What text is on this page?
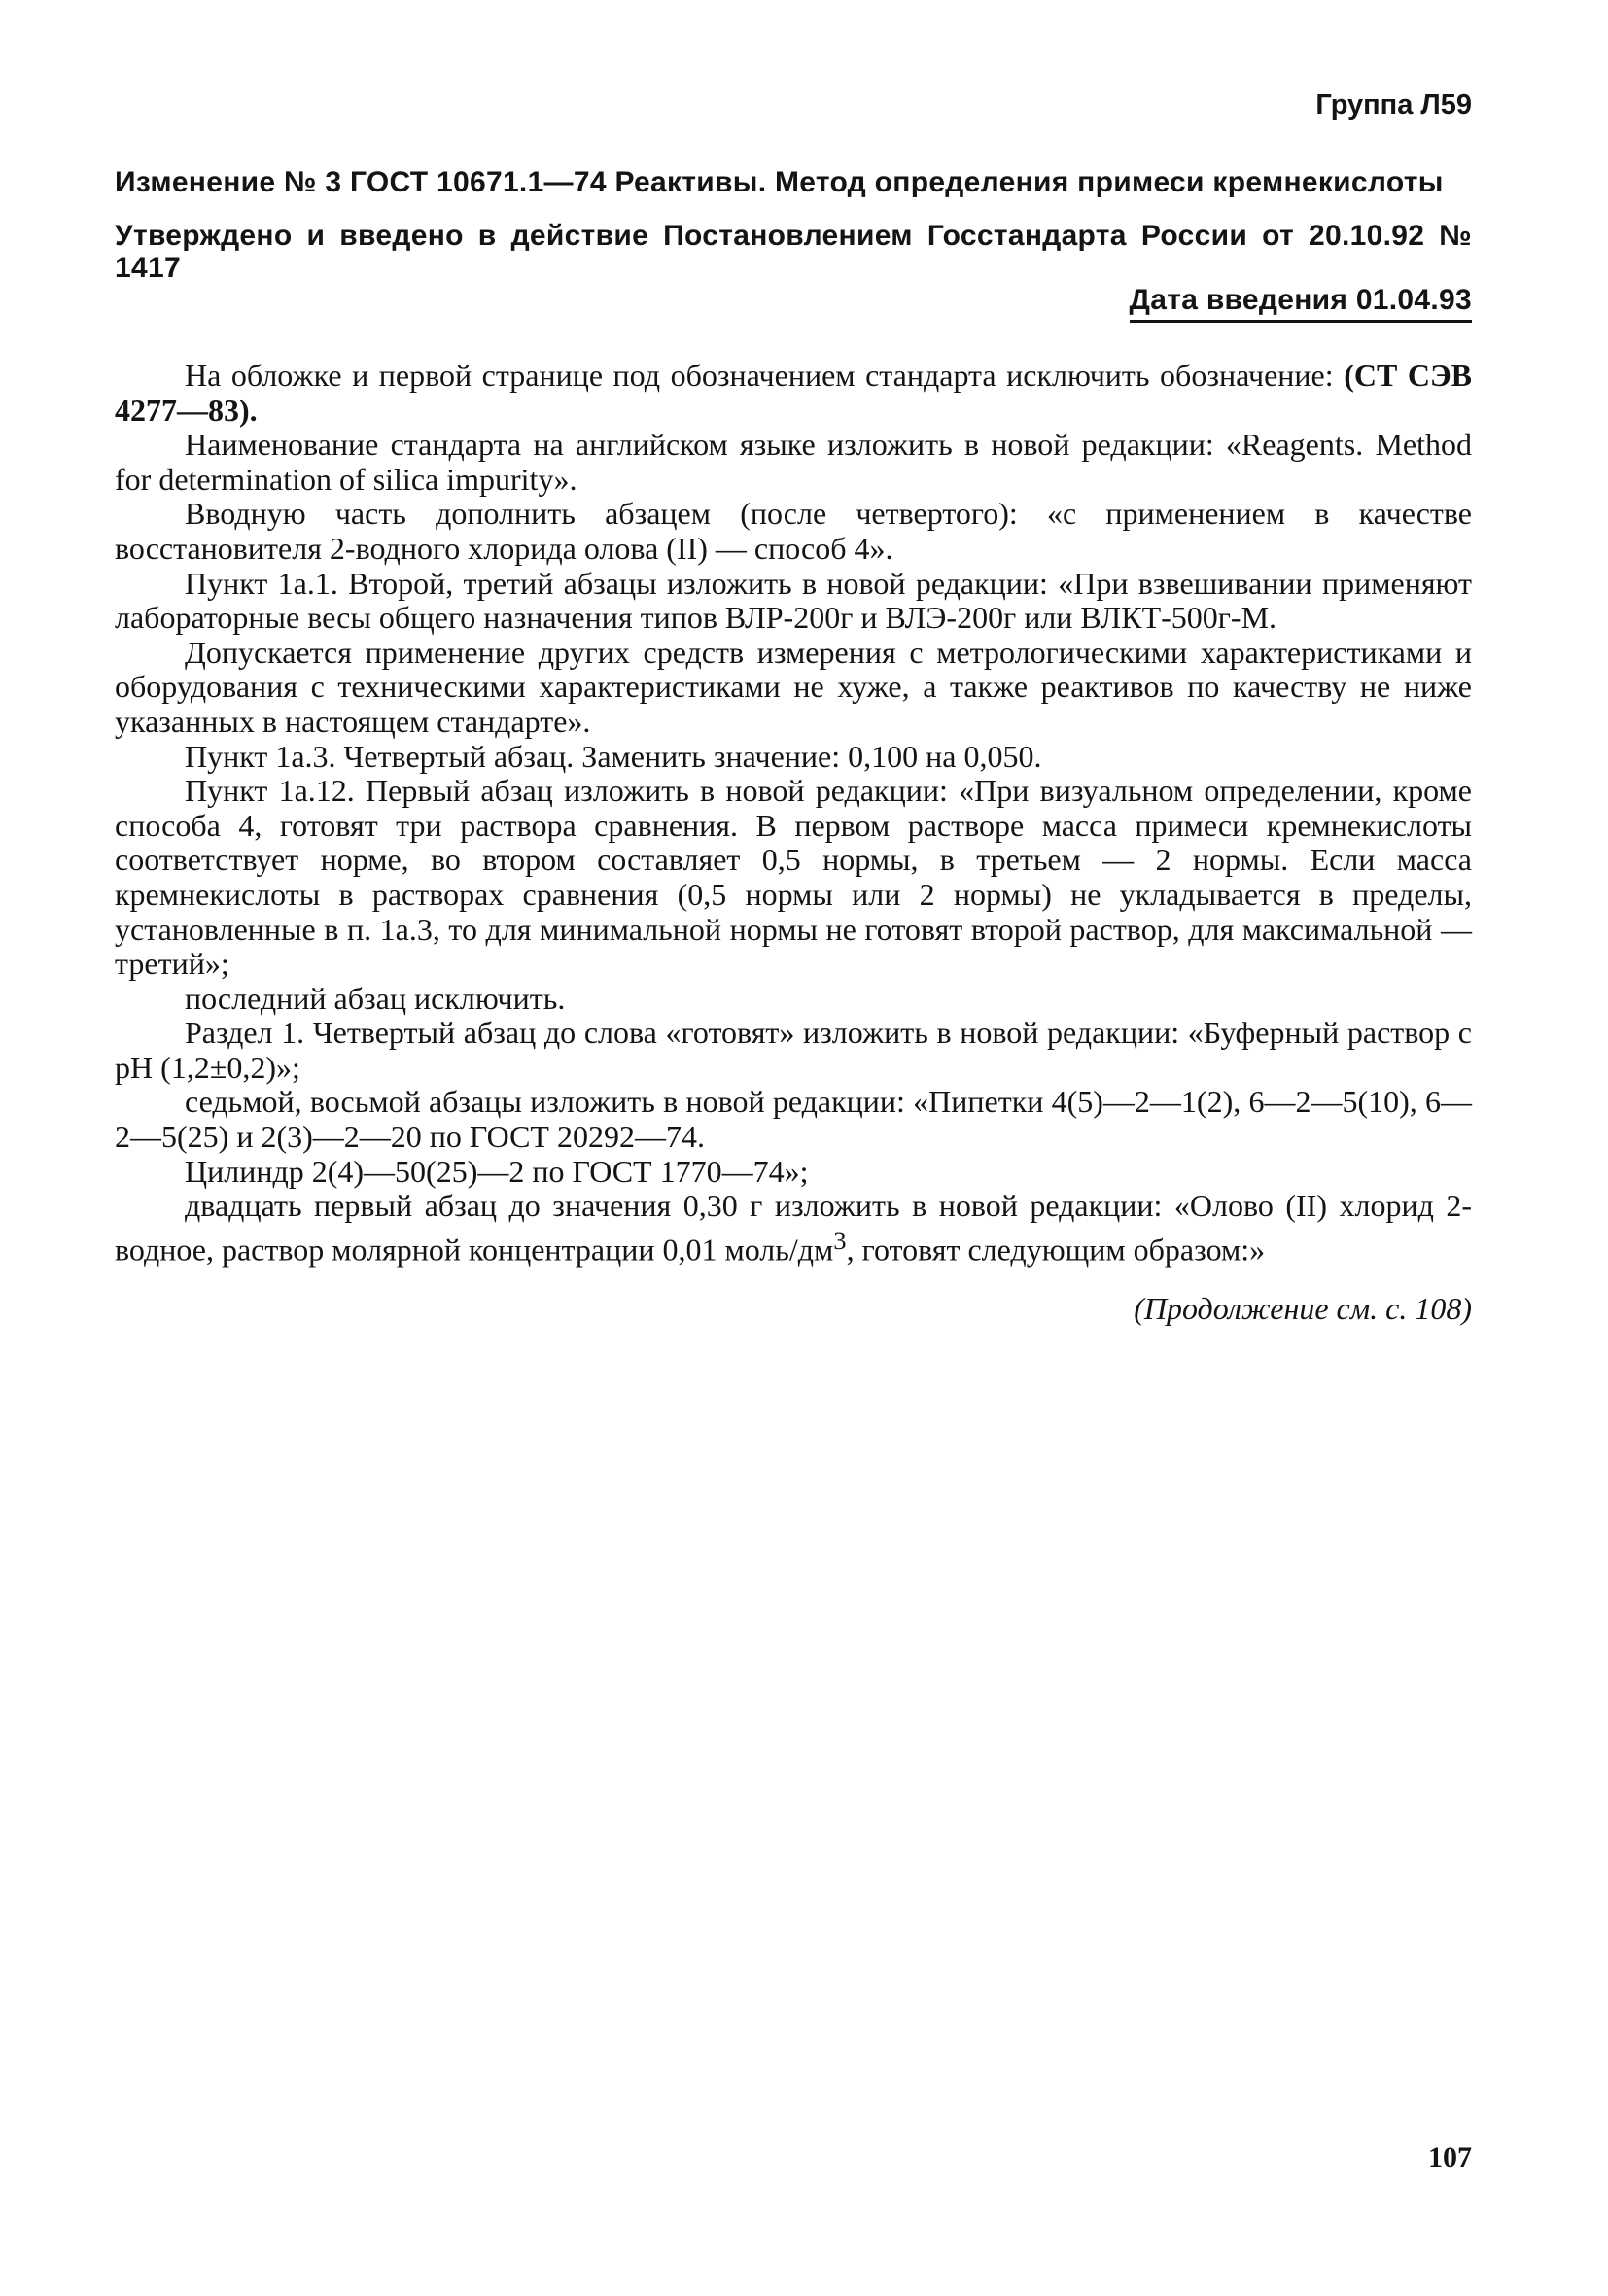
Группа Л59
Изменение № 3 ГОСТ 10671.1—74 Реактивы. Метод определения примеси кремнекислоты
Утверждено и введено в действие Постановлением Госстандарта России от 20.10.92 № 1417
Дата введения 01.04.93

На обложке и первой странице под обозначением стандарта исключить обозначение: (СТ СЭВ 4277—83).

Наименование стандарта на английском языке изложить в новой редакции: «Reagents. Method for determination of silica impurity».

Вводную часть дополнить абзацем (после четвертого): «с применением в качестве восстановителя 2-водного хлорида олова (II) — способ 4».

Пункт 1а.1. Второй, третий абзацы изложить в новой редакции: «При взвешивании применяют лабораторные весы общего назначения типов ВЛР-200г и ВЛЭ-200г или ВЛКТ-500г-М.

Допускается применение других средств измерения с метрологическими характеристиками и оборудования с техническими характеристиками не хуже, а также реактивов по качеству не ниже указанных в настоящем стандарте».

Пункт 1а.3. Четвертый абзац. Заменить значение: 0,100 на 0,050.

Пункт 1а.12. Первый абзац изложить в новой редакции: «При визуальном определении, кроме способа 4, готовят три раствора сравнения. В первом растворе масса примеси кремнекислоты соответствует норме, во втором составляет 0,5 нормы, в третьем — 2 нормы. Если масса кремнекислоты в растворах сравнения (0,5 нормы или 2 нормы) не укладывается в пределы, установленные в п. 1а.3, то для минимальной нормы не готовят второй раствор, для максимальной — третий»;

последний абзац исключить.

Раздел 1. Четвертый абзац до слова «готовят» изложить в новой редакции: «Буферный раствор с pH (1,2±0,2)»;

седьмой, восьмой абзацы изложить в новой редакции: «Пипетки 4(5)—2—1(2), 6—2—5(10), 6—2—5(25) и 2(3)—2—20 по ГОСТ 20292—74.

Цилиндр 2(4)—50(25)—2 по ГОСТ 1770—74»;

двадцать первый абзац до значения 0,30 г изложить в новой редакции: «Олово (II) хлорид 2-водное, раствор молярной концентрации 0,01 моль/$дм^3$, готовят следующим образом:»

(Продолжение см. с. 108)
107
